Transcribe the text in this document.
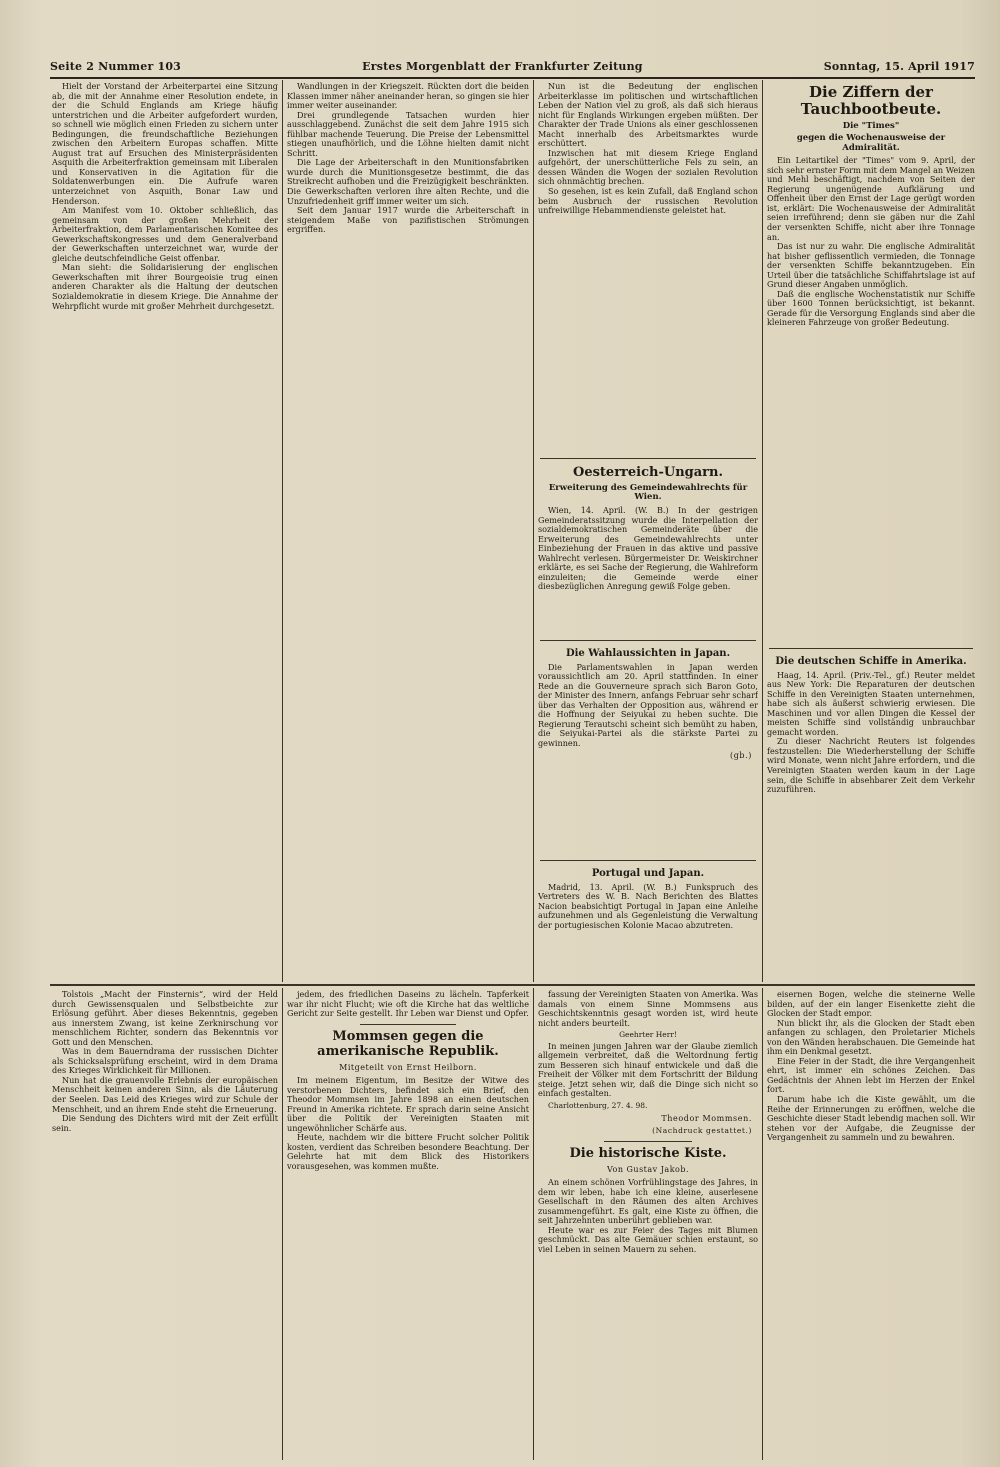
Seite 2 Nummer 103	Erstes Morgenblatt der Frankfurter Zeitung	Sonntag, 15. April 1917

Hielt der Vorstand der Arbeiterpartei eine Sitzung ab, die mit der Annahme einer Resolution endete, in der die Schuld Englands am Kriege häufig unterstrichen und die Arbeiter aufgefordert wurden, so schnell wie möglich einen Frieden zu sichern unter Bedingungen, die freundschaftliche Beziehungen zwischen den Arbeitern Europas schaffen. Mitte August trat auf Ersuchen des Ministerpräsidenten Asquith die Arbeiterfraktion gemeinsam mit Liberalen und Konservativen in die Agitation für die Soldatenwerbungen ein. Die Aufrufe waren unterzeichnet von Asquith, Bonar Law und Henderson.

Am Manifest vom 10. Oktober schließlich, das gemeinsam von der großen Mehrheit der Arbeiterfraktion, dem Parlamentarischen Komitee des Gewerkschaftskongresses und dem Generalverband der Gewerkschaften unterzeichnet war, wurde der gleiche deutschfeindliche Geist offenbar.

Man sieht: die Solidarisierung der englischen Gewerkschaften mit ihrer Bourgeoisie trug einen anderen Charakter als die Haltung der deutschen Sozialdemokratie in diesem Kriege. Die Annahme der Wehrpflicht wurde mit großer Mehrheit durchgesetzt.

Wandlungen in der Kriegszeit. Rückten dort die beiden Klassen immer näher aneinander heran, so gingen sie hier immer weiter auseinander.

Drei grundlegende Tatsachen wurden hier ausschlaggebend. Zunächst die seit dem Jahre 1915 sich fühlbar machende Teuerung. Die Preise der Lebensmittel stiegen unaufhörlich, und die Löhne hielten damit nicht Schritt.

Die Lage der Arbeiterschaft in den Munitionsfabriken wurde durch die Munitionsgesetze bestimmt, die das Streikrecht aufhoben und die Freizügigkeit beschränkten. Die Gewerkschaften verloren ihre alten Rechte, und die Unzufriedenheit griff immer weiter um sich.

Seit dem Januar 1917 wurde die Arbeiterschaft in steigendem Maße von pazifistischen Strömungen ergriffen.

Nun ist die Bedeutung der englischen Arbeiterklasse im politischen und wirtschaftlichen Leben der Nation viel zu groß, als daß sich hieraus nicht für Englands Wirkungen ergeben müßten. Der Charakter der Trade Unions als einer geschlossenen Macht innerhalb des Arbeitsmarktes wurde erschüttert.

Inzwischen hat mit diesem Kriege England aufgehört, der unerschütterliche Fels zu sein, an dessen Wänden die Wogen der sozialen Revolution sich ohnmächtig brechen.

So gesehen, ist es kein Zufall, daß England schon beim Ausbruch der russischen Revolution unfreiwillige Hebammendienste geleistet hat.

Oesterreich-Ungarn.
Erweiterung des Gemeindewahlrechts für Wien.

Wien, 14. April. (W. B.) In der gestrigen Gemeinderatssitzung wurde die Interpellation der sozialdemokratischen Gemeinderäte über die Erweiterung des Gemeindewahlrechts unter Einbeziehung der Frauen in das aktive und passive Wahlrecht verlesen. Bürgermeister Dr. Weiskirchner erklärte, es sei Sache der Regierung, die Wahlreform einzuleiten; die Gemeinde werde einer diesbezüglichen Anregung gewiß Folge geben.

Die Wahlaussichten in Japan.

Die Parlamentswahlen in Japan werden voraussichtlich am 20. April stattfinden. In einer Rede an die Gouverneure sprach sich Baron Goto, der Minister des Innern, anfangs Februar sehr scharf über das Verhalten der Opposition aus, während er die Hoffnung der Seiyukai zu heben suchte. Die Regierung Terautschi scheint sich bemüht zu haben, die Seiyukai-Partei als die stärkste Partei zu gewinnen.

(gb.)
Portugal und Japan.

Madrid, 13. April. (W. B.) Funkspruch des Vertreters des W. B. Nach Berichten des Blattes Nacion beabsichtigt Portugal in Japan eine Anleihe aufzunehmen und als Gegenleistung die Verwaltung der portugiesischen Kolonie Macao abzutreten.

Die Ziffern der Tauchbootbeute.
Die "Times"
gegen die Wochenausweise der Admiralität.

Ein Leitartikel der "Times" vom 9. April, der sich sehr ernster Form mit dem Mangel an Weizen und Mehl beschäftigt, nachdem von Seiten der Regierung ungenügende Aufklärung und Offenheit über den Ernst der Lage gerügt worden ist, erklärt: Die Wochenausweise der Admiralität seien irreführend; denn sie gäben nur die Zahl der versenkten Schiffe, nicht aber ihre Tonnage an.

Das ist nur zu wahr. Die englische Admiralität hat bisher geflissentlich vermieden, die Tonnage der versenkten Schiffe bekanntzugeben. Ein Urteil über die tatsächliche Schiffahrtslage ist auf Grund dieser Angaben unmöglich.

Daß die englische Wochenstatistik nur Schiffe über 1600 Tonnen berücksichtigt, ist bekannt. Gerade für die Versorgung Englands sind aber die kleineren Fahrzeuge von großer Bedeutung.

Die deutschen Schiffe in Amerika.

Haag, 14. April. (Priv.-Tel., gf.) Reuter meldet aus New York: Die Reparaturen der deutschen Schiffe in den Vereinigten Staaten unternehmen, habe sich als äußerst schwierig erwiesen. Die Maschinen und vor allen Dingen die Kessel der meisten Schiffe sind vollständig unbrauchbar gemacht worden.

Zu dieser Nachricht Reuters ist folgendes festzustellen: Die Wiederherstellung der Schiffe wird Monate, wenn nicht Jahre erfordern, und die Vereinigten Staaten werden kaum in der Lage sein, die Schiffe in absehbarer Zeit dem Verkehr zuzuführen.

Tolstois „Macht der Finsternis“, wird der Held durch Gewissensqualen und Selbstbeichte zur Erlösung geführt. Aber dieses Bekenntnis, gegeben aus innerstem Zwang, ist keine Zerknirschung vor menschlichem Richter, sondern das Bekenntnis vor Gott und den Menschen.

Was in dem Bauerndrama der russischen Dichter als Schicksalsprüfung erscheint, wird in dem Drama des Krieges Wirklichkeit für Millionen.

Nun hat die grauenvolle Erlebnis der europäischen Menschheit keinen anderen Sinn, als die Läuterung der Seelen. Das Leid des Krieges wird zur Schule der Menschheit, und an ihrem Ende steht die Erneuerung.

Die Sendung des Dichters wird mit der Zeit erfüllt sein.

jedem, des friedlichen Daseins zu lächeln. Tapferkeit war ihr nicht Flucht; wie oft die Kirche hat das weltliche Gericht zur Seite gestellt. Ihr Leben war Dienst und Opfer.

Mommsen gegen die amerikanische Republik.
Mitgeteilt von Ernst Heilborn.

Im meinem Eigentum, im Besitze der Witwe des verstorbenen Dichters, befindet sich ein Brief, den Theodor Mommsen im Jahre 1898 an einen deutschen Freund in Amerika richtete. Er sprach darin seine Ansicht über die Politik der Vereinigten Staaten mit ungewöhnlicher Schärfe aus.

Heute, nachdem wir die bittere Frucht solcher Politik kosten, verdient das Schreiben besondere Beachtung. Der Gelehrte hat mit dem Blick des Historikers vorausgesehen, was kommen mußte.

fassung der Vereinigten Staaten von Amerika. Was damals von einem Sinne Mommsens aus Geschichtskenntnis gesagt worden ist, wird heute nicht anders beurteilt.

Geehrter Herr!

In meinen jungen Jahren war der Glaube ziemlich allgemein verbreitet, daß die Weltordnung fertig zum Besseren sich hinauf entwickele und daß die Freiheit der Völker mit dem Fortschritt der Bildung steige. Jetzt sehen wir, daß die Dinge sich nicht so einfach gestalten.

Charlottenburg, 27. 4. 98.
Theodor Mommsen.
(Nachdruck gestattet.)
Die historische Kiste.
Von Gustav Jakob.

An einem schönen Vorfrühlingstage des Jahres, in dem wir leben, habe ich eine kleine, auserlesene Gesellschaft in den Räumen des alten Archives zusammengeführt. Es galt, eine Kiste zu öffnen, die seit Jahrzehnten unberührt geblieben war.

Heute war es zur Feier des Tages mit Blumen geschmückt. Das alte Gemäuer schien erstaunt, so viel Leben in seinen Mauern zu sehen.

eisernen Bogen, welche die steinerne Welle bilden, auf der ein langer Eisenkette zieht die Glocken der Stadt empor.

Nun blickt ihr, als die Glocken der Stadt eben anfangen zu schlagen, den Proletarier Michels von den Wänden herabschauen. Die Gemeinde hat ihm ein Denkmal gesetzt.

Eine Feier in der Stadt, die ihre Vergangenheit ehrt, ist immer ein schönes Zeichen. Das Gedächtnis der Ahnen lebt im Herzen der Enkel fort.

Darum habe ich die Kiste gewählt, um die Reihe der Erinnerungen zu eröffnen, welche die Geschichte dieser Stadt lebendig machen soll. Wir stehen vor der Aufgabe, die Zeugnisse der Vergangenheit zu sammeln und zu bewahren.
